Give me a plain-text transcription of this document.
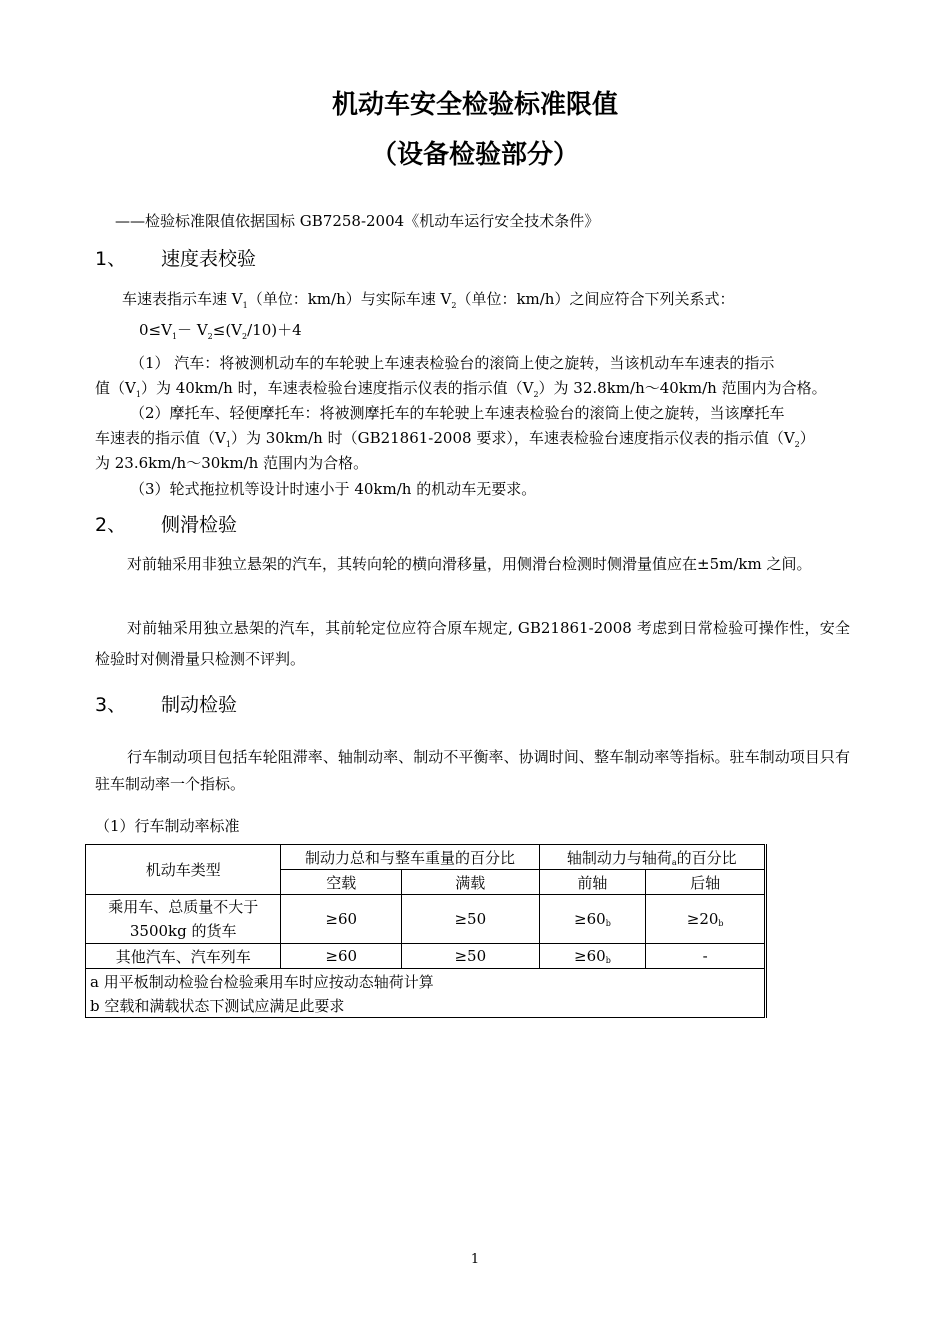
机动车安全检验标准限值
（设备检验部分）
——检验标准限值依据国标 GB7258-2004《机动车运行安全技术条件》
1、 速度表校验
车速表指示车速 $V_1$（单位：km/h）与实际车速 $V_2$（单位：km/h）之间应符合下列关系式：
$0\le V_1- V_2\le(V_2/10)+4$
（1） 汽车：将被测机动车的车轮驶上车速表检验台的滚筒上使之旋转，当该机动车车速表的指示
值$(V_1)$为 40km/h 时，车速表检验台速度指示仪表的指示值$(V_2)$为 32.8km/h～40km/h 范围内为合格。
（2）摩托车、轻便摩托车：将被测摩托车的车轮驶上车速表检验台的滚筒上使之旋转，当该摩托车
车速表的指示值$(V_1)$为 30km/h 时（GB21861-2008 要求），车速表检验台速度指示仪表的指示值$(V_2)$
为 23.6km/h～30km/h 范围内为合格。
（3）轮式拖拉机等设计时速小于 40km/h 的机动车无要求。
2、 侧滑检验
对前轴采用非独立悬架的汽车，其转向轮的横向滑移量，用侧滑台检测时侧滑量值应在±5m/km 之间。
对前轴采用独立悬架的汽车，其前轮定位应符合原车规定, GB21861-2008 考虑到日常检验可操作性，安全检验时对侧滑量只检测不评判。
3、 制动检验
行车制动项目包括车轮阻滞率、轴制动率、制动不平衡率、协调时间、整车制动率等指标。驻车制动项目只有驻车制动率一个指标。
（1）行车制动率标准
机动车类型	制动力总和与整车重量的百分比		轴制动力与轴荷a的百分比	
	空载	满载	前轴	后轴

乘用车、总质量不大于
3500kg 的货车	≥60	≥50	≥60b	≥20b
其他汽车、汽车列车	≥60	≥50	≥60b	-
a 用平板制动检验台检验乘用车时应按动态轴荷计算				
b 空载和满载状态下测试应满足此要求				
1
